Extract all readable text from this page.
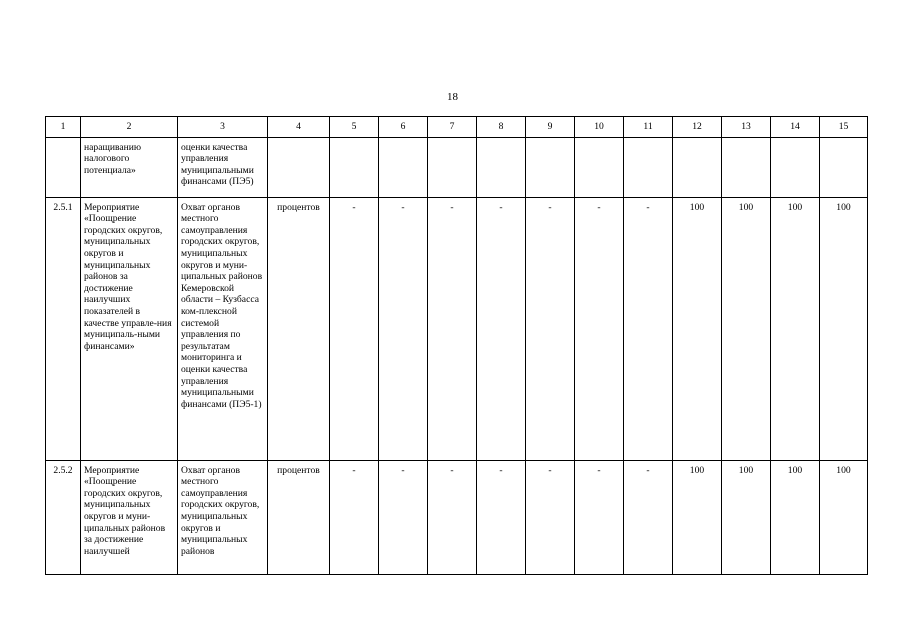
18
1	2	3	4	5	6	7	8	9	10	11	12	13	14	15
	наращиванию налогового потенциала»	оценки качества управления муниципальными финансами (ПЭ5)												
2.5.1	Мероприятие «Поощрение городских округов, муниципальных округов и муниципальных районов за достижение наилучших показателей в качестве управле-ния муниципаль-ными финансами»	Охват органов местного самоуправления городских округов, муниципальных округов и муни-ципальных районов Кемеровской области – Кузбасса ком-плексной системой управления по результатам мониторинга и оценки качества управления муниципальными финансами (ПЭ5-1)	процентов	-	-	-	-	-	-	-	100	100	100	100
2.5.2	Мероприятие «Поощрение городских округов, муниципальных округов и муни-ципальных районов за достижение наилучшей	Охват органов местного самоуправления городских округов, муниципальных округов и муниципальных районов	процентов	-	-	-	-	-	-	-	100	100	100	100
